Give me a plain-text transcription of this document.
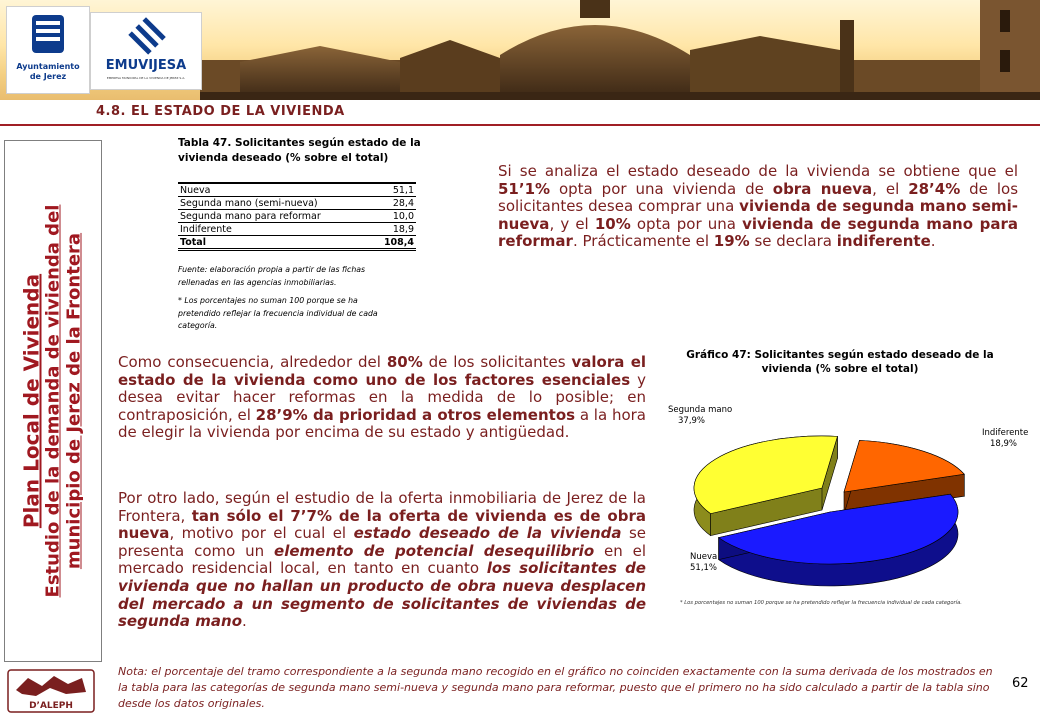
Ayuntamiento
de Jerez
EMUVIJESA
EMPRESA MUNICIPAL DE LA VIVIENDA DE JEREZ S.A.
4.8. EL ESTADO DE LA VIVIENDA
Plan Local de Vivienda Estudio de la demanda de vivienda del municipio de Jerez de la Frontera
Tabla 47. Solicitantes según estado de la
vivienda deseado (% sobre el total)
Nueva	51,1
Segunda mano (semi-nueva)	28,4
Segunda mano para reformar	10,0
Indiferente	18,9
Total	108,4
Fuente: elaboración propia a partir de las fichas rellenadas en las agencias inmobiliarias.
* Los porcentajes no suman 100 porque se ha pretendido reflejar la frecuencia individual de cada categoría.
Si se analiza el estado deseado de la vivienda se obtiene que el 51’1% opta por una vivienda de obra nueva, el 28’4% de los solicitantes desea comprar una vivienda de segunda mano semi-nueva, y el 10% opta por una vivienda de segunda mano para reformar. Prácticamente el 19% se declara indiferente.
Como consecuencia, alrededor del 80% de los solicitantes valora el estado de la vivienda como uno de los factores esenciales y desea evitar hacer reformas en la medida de lo posible; en contraposición, el 28’9% da prioridad a otros elementos a la hora de elegir la vivienda por encima de su estado y antigüedad.
Por otro lado, según el estudio de la oferta inmobiliaria de Jerez de la Frontera, tan sólo el 7’7% de la oferta de vivienda es de obra nueva, motivo por el cual el estado deseado de la vivienda se presenta como un elemento de potencial desequilibrio en el mercado residencial local, en tanto en cuanto los solicitantes de vivienda que no hallan un producto de obra nueva desplacen del mercado a un segmento de solicitantes de viviendas de segunda mano.
Segunda mano
37,9%
Indiferente
18,9%
Nueva
51,1%
* Los porcentajes no suman 100 porque se ha pretendido reflejar la frecuencia individual de cada categoría.
Gráfico 47: Solicitantes según estado deseado de la
vivienda (% sobre el total)
D’ALEPH
Nota: el porcentaje del tramo correspondiente a la segunda mano recogido en el gráfico no coinciden exactamente con la suma derivada de los mostrados en la tabla para las categorías de segunda mano semi-nueva y segunda mano para reformar, puesto que el primero no ha sido calculado a partir de la tabla sino desde los datos originales.
62
